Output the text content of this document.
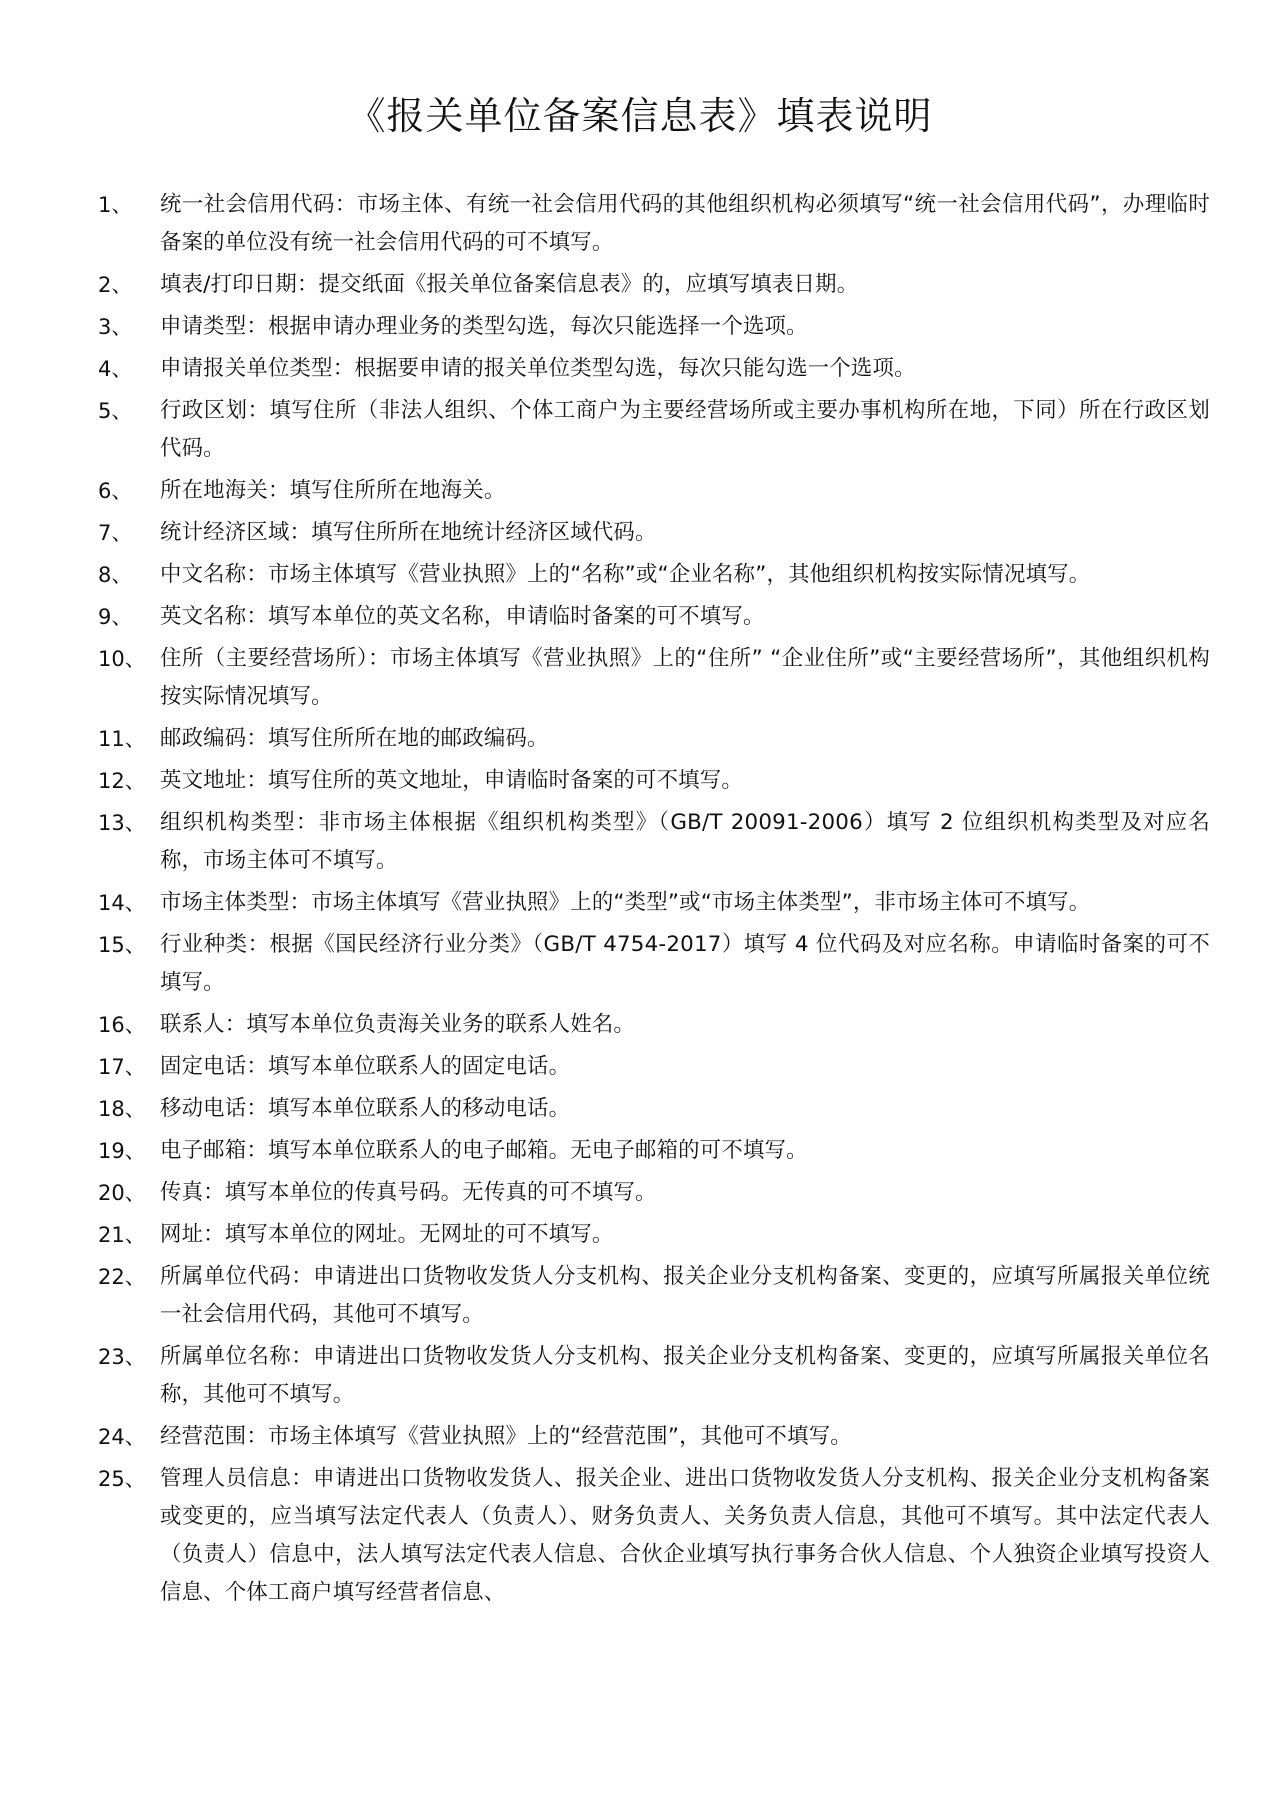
《报关单位备案信息表》填表说明
1、	统一社会信用代码：市场主体、有统一社会信用代码的其他组织机构必须填写“统一社会信用代码”，办理临时备案的单位没有统一社会信用代码的可不填写。
2、	填表/打印日期：提交纸面《报关单位备案信息表》的，应填写填表日期。
3、	申请类型：根据申请办理业务的类型勾选，每次只能选择一个选项。
4、	申请报关单位类型：根据要申请的报关单位类型勾选，每次只能勾选一个选项。
5、	行政区划：填写住所（非法人组织、个体工商户为主要经营场所或主要办事机构所在地，下同）所在行政区划代码。
6、	所在地海关：填写住所所在地海关。
7、	统计经济区域：填写住所所在地统计经济区域代码。
8、	中文名称：市场主体填写《营业执照》上的“名称”或“企业名称”，其他组织机构按实际情况填写。
9、	英文名称：填写本单位的英文名称，申请临时备案的可不填写。
10、 住所（主要经营场所）：市场主体填写《营业执照》上的“住所” “企业住所”或“主要经营场所”，其他组织机构按实际情况填写。
11、 邮政编码：填写住所所在地的邮政编码。
12、 英文地址：填写住所的英文地址，申请临时备案的可不填写。
13、 组织机构类型：非市场主体根据《组织机构类型》（GB/T 20091-2006）填写 2 位组织机构类型及对应名称，市场主体可不填写。
14、 市场主体类型：市场主体填写《营业执照》上的“类型”或“市场主体类型”，非市场主体可不填写。
15、 行业种类：根据《国民经济行业分类》（GB/T 4754-2017）填写 4 位代码及对应名称。申请临时备案的可不填写。
16、 联系人：填写本单位负责海关业务的联系人姓名。
17、 固定电话：填写本单位联系人的固定电话。
18、 移动电话：填写本单位联系人的移动电话。
19、 电子邮箱：填写本单位联系人的电子邮箱。无电子邮箱的可不填写。
20、 传真：填写本单位的传真号码。无传真的可不填写。
21、 网址：填写本单位的网址。无网址的可不填写。
22、 所属单位代码：申请进出口货物收发货人分支机构、报关企业分支机构备案、变更的，应填写所属报关单位统一社会信用代码，其他可不填写。
23、 所属单位名称：申请进出口货物收发货人分支机构、报关企业分支机构备案、变更的，应填写所属报关单位名称，其他可不填写。
24、 经营范围：市场主体填写《营业执照》上的“经营范围”，其他可不填写。
25、 管理人员信息：申请进出口货物收发货人、报关企业、进出口货物收发货人分支机构、报关企业分支机构备案或变更的，应当填写法定代表人（负责人）、财务负责人、关务负责人信息，其他可不填写。其中法定代表人（负责人）信息中，法人填写法定代表人信息、合伙企业填写执行事务合伙人信息、个人独资企业填写投资人信息、个体工商户填写经营者信息、
